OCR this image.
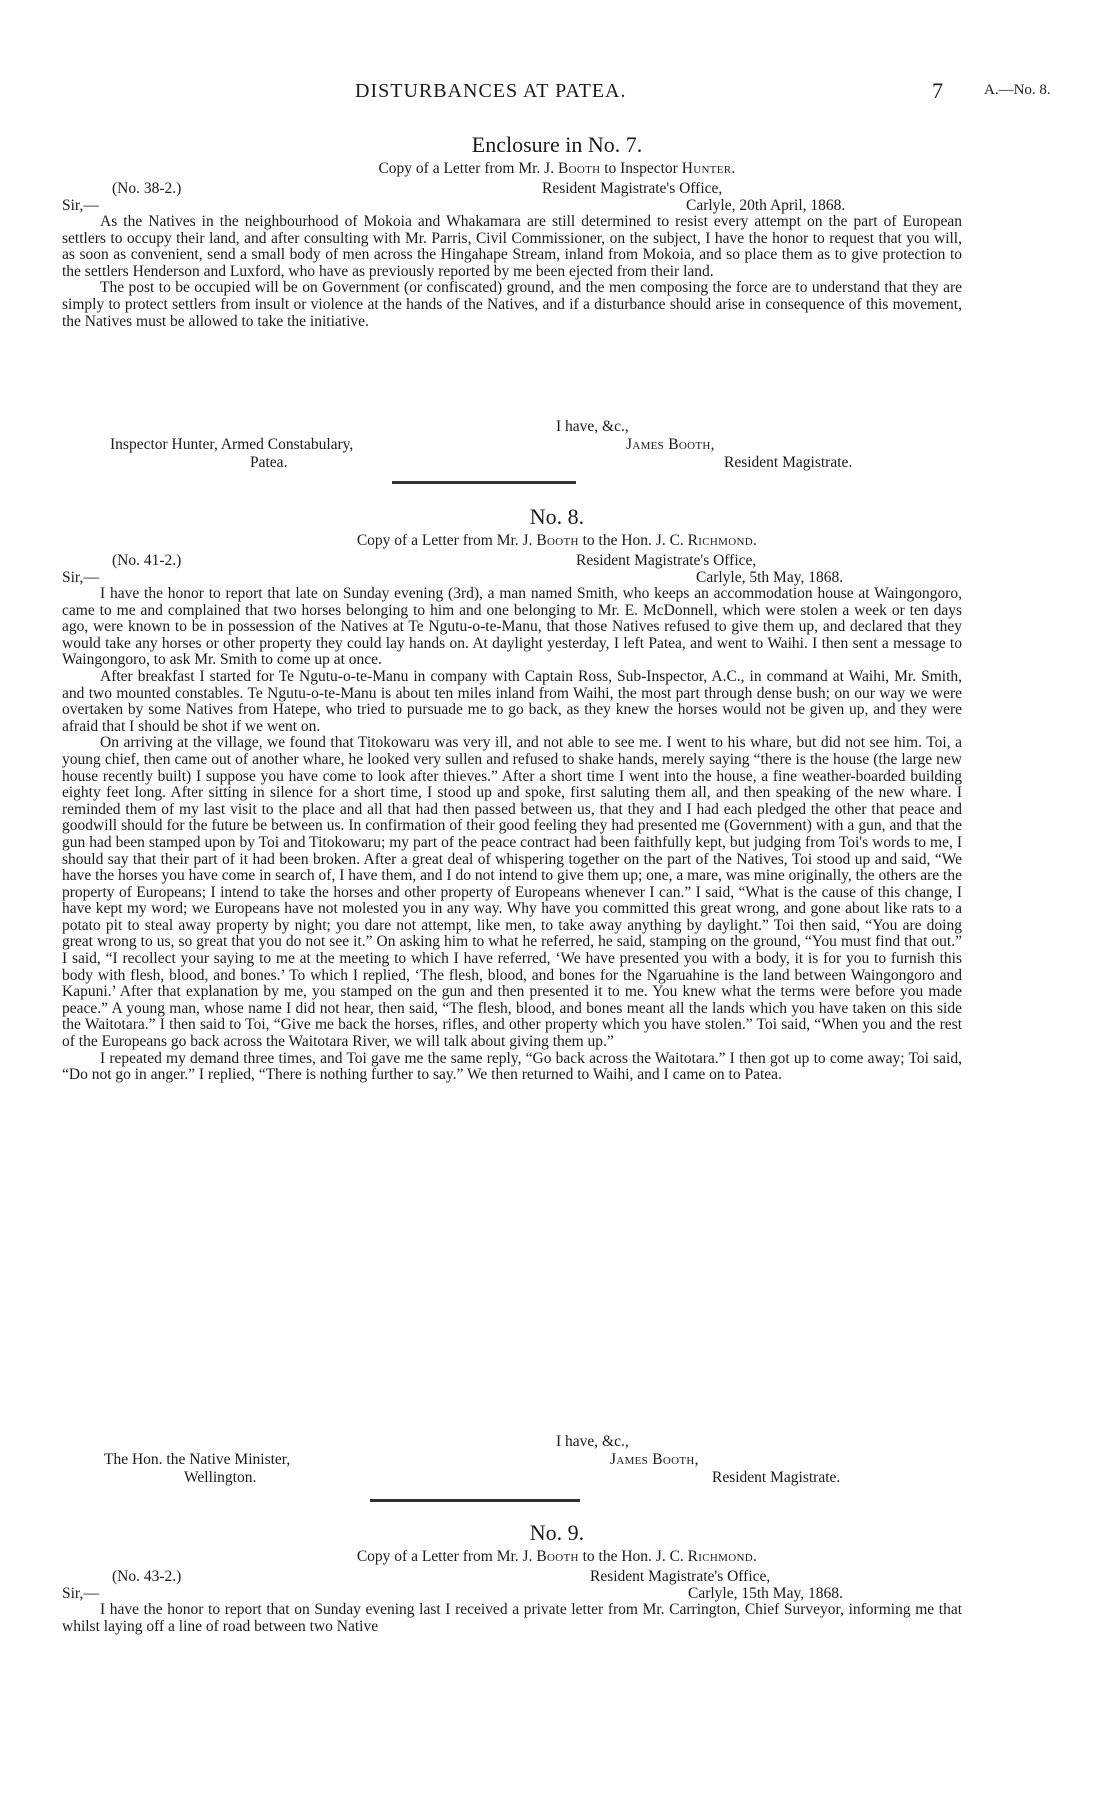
DISTURBANCES AT PATEA.	7	A.—No. 8.
Enclosure in No. 7.
Copy of a Letter from Mr. J. Booth to Inspector Hunter.
(No. 38-2.)	Resident Magistrate's Office,
Sir,—	Carlyle, 20th April, 1868.

As the Natives in the neighbourhood of Mokoia and Whakamara are still determined to resist every attempt on the part of European settlers to occupy their land, and after consulting with Mr. Parris, Civil Commissioner, on the subject, I have the honor to request that you will, as soon as convenient, send a small body of men across the Hingahape Stream, inland from Mokoia, and so place them as to give protection to the settlers Henderson and Luxford, who have as previously reported by me been ejected from their land.

The post to be occupied will be on Government (or confiscated) ground, and the men composing the force are to understand that they are simply to protect settlers from insult or violence at the hands of the Natives, and if a disturbance should arise in consequence of this movement, the Natives must be allowed to take the initiative.

I have, &c.,
Inspector Hunter, Armed Constabulary,	James Booth,
Patea.	Resident Magistrate.
No. 8.
Copy of a Letter from Mr. J. Booth to the Hon. J. C. Richmond.
(No. 41-2.)	Resident Magistrate's Office,
Sir,—	Carlyle, 5th May, 1868.

I have the honor to report that late on Sunday evening (3rd), a man named Smith, who keeps an accommodation house at Waingongoro, came to me and complained that two horses belonging to him and one belonging to Mr. E. McDonnell, which were stolen a week or ten days ago, were known to be in possession of the Natives at Te Ngutu-o-te-Manu, that those Natives refused to give them up, and declared that they would take any horses or other property they could lay hands on. At daylight yesterday, I left Patea, and went to Waihi. I then sent a message to Waingongoro, to ask Mr. Smith to come up at once.

After breakfast I started for Te Ngutu-o-te-Manu in company with Captain Ross, Sub-Inspector, A.C., in command at Waihi, Mr. Smith, and two mounted constables. Te Ngutu-o-te-Manu is about ten miles inland from Waihi, the most part through dense bush; on our way we were overtaken by some Natives from Hatepe, who tried to pursuade me to go back, as they knew the horses would not be given up, and they were afraid that I should be shot if we went on.

On arriving at the village, we found that Titokowaru was very ill, and not able to see me. I went to his whare, but did not see him. Toi, a young chief, then came out of another whare, he looked very sullen and refused to shake hands, merely saying “there is the house (the large new house recently built) I suppose you have come to look after thieves.” After a short time I went into the house, a fine weather-boarded building eighty feet long. After sitting in silence for a short time, I stood up and spoke, first saluting them all, and then speaking of the new whare. I reminded them of my last visit to the place and all that had then passed between us, that they and I had each pledged the other that peace and goodwill should for the future be between us. In confirmation of their good feeling they had presented me (Government) with a gun, and that the gun had been stamped upon by Toi and Titokowaru; my part of the peace contract had been faithfully kept, but judging from Toi's words to me, I should say that their part of it had been broken. After a great deal of whispering together on the part of the Natives, Toi stood up and said, “We have the horses you have come in search of, I have them, and I do not intend to give them up; one, a mare, was mine originally, the others are the property of Europeans; I intend to take the horses and other property of Europeans whenever I can.” I said, “What is the cause of this change, I have kept my word; we Europeans have not molested you in any way. Why have you committed this great wrong, and gone about like rats to a potato pit to steal away property by night; you dare not attempt, like men, to take away anything by daylight.” Toi then said, “You are doing great wrong to us, so great that you do not see it.” On asking him to what he referred, he said, stamping on the ground, “You must find that out.” I said, “I recollect your saying to me at the meeting to which I have referred, ‘We have presented you with a body, it is for you to furnish this body with flesh, blood, and bones.’ To which I replied, ‘The flesh, blood, and bones for the Ngaruahine is the land between Waingongoro and Kapuni.’ After that explanation by me, you stamped on the gun and then presented it to me. You knew what the terms were before you made peace.” A young man, whose name I did not hear, then said, “The flesh, blood, and bones meant all the lands which you have taken on this side the Waitotara.” I then said to Toi, “Give me back the horses, rifles, and other property which you have stolen.” Toi said, “When you and the rest of the Europeans go back across the Waitotara River, we will talk about giving them up.”

I repeated my demand three times, and Toi gave me the same reply, “Go back across the Waitotara.” I then got up to come away; Toi said, “Do not go in anger.” I replied, “There is nothing further to say.” We then returned to Waihi, and I came on to Patea.

I have, &c.,
The Hon. the Native Minister,	James Booth,
Wellington.	Resident Magistrate.
No. 9.
Copy of a Letter from Mr. J. Booth to the Hon. J. C. Richmond.
(No. 43-2.)	Resident Magistrate's Office,
Sir,—	Carlyle, 15th May, 1868.

I have the honor to report that on Sunday evening last I received a private letter from Mr. Carrington, Chief Surveyor, informing me that whilst laying off a line of road between two Native
